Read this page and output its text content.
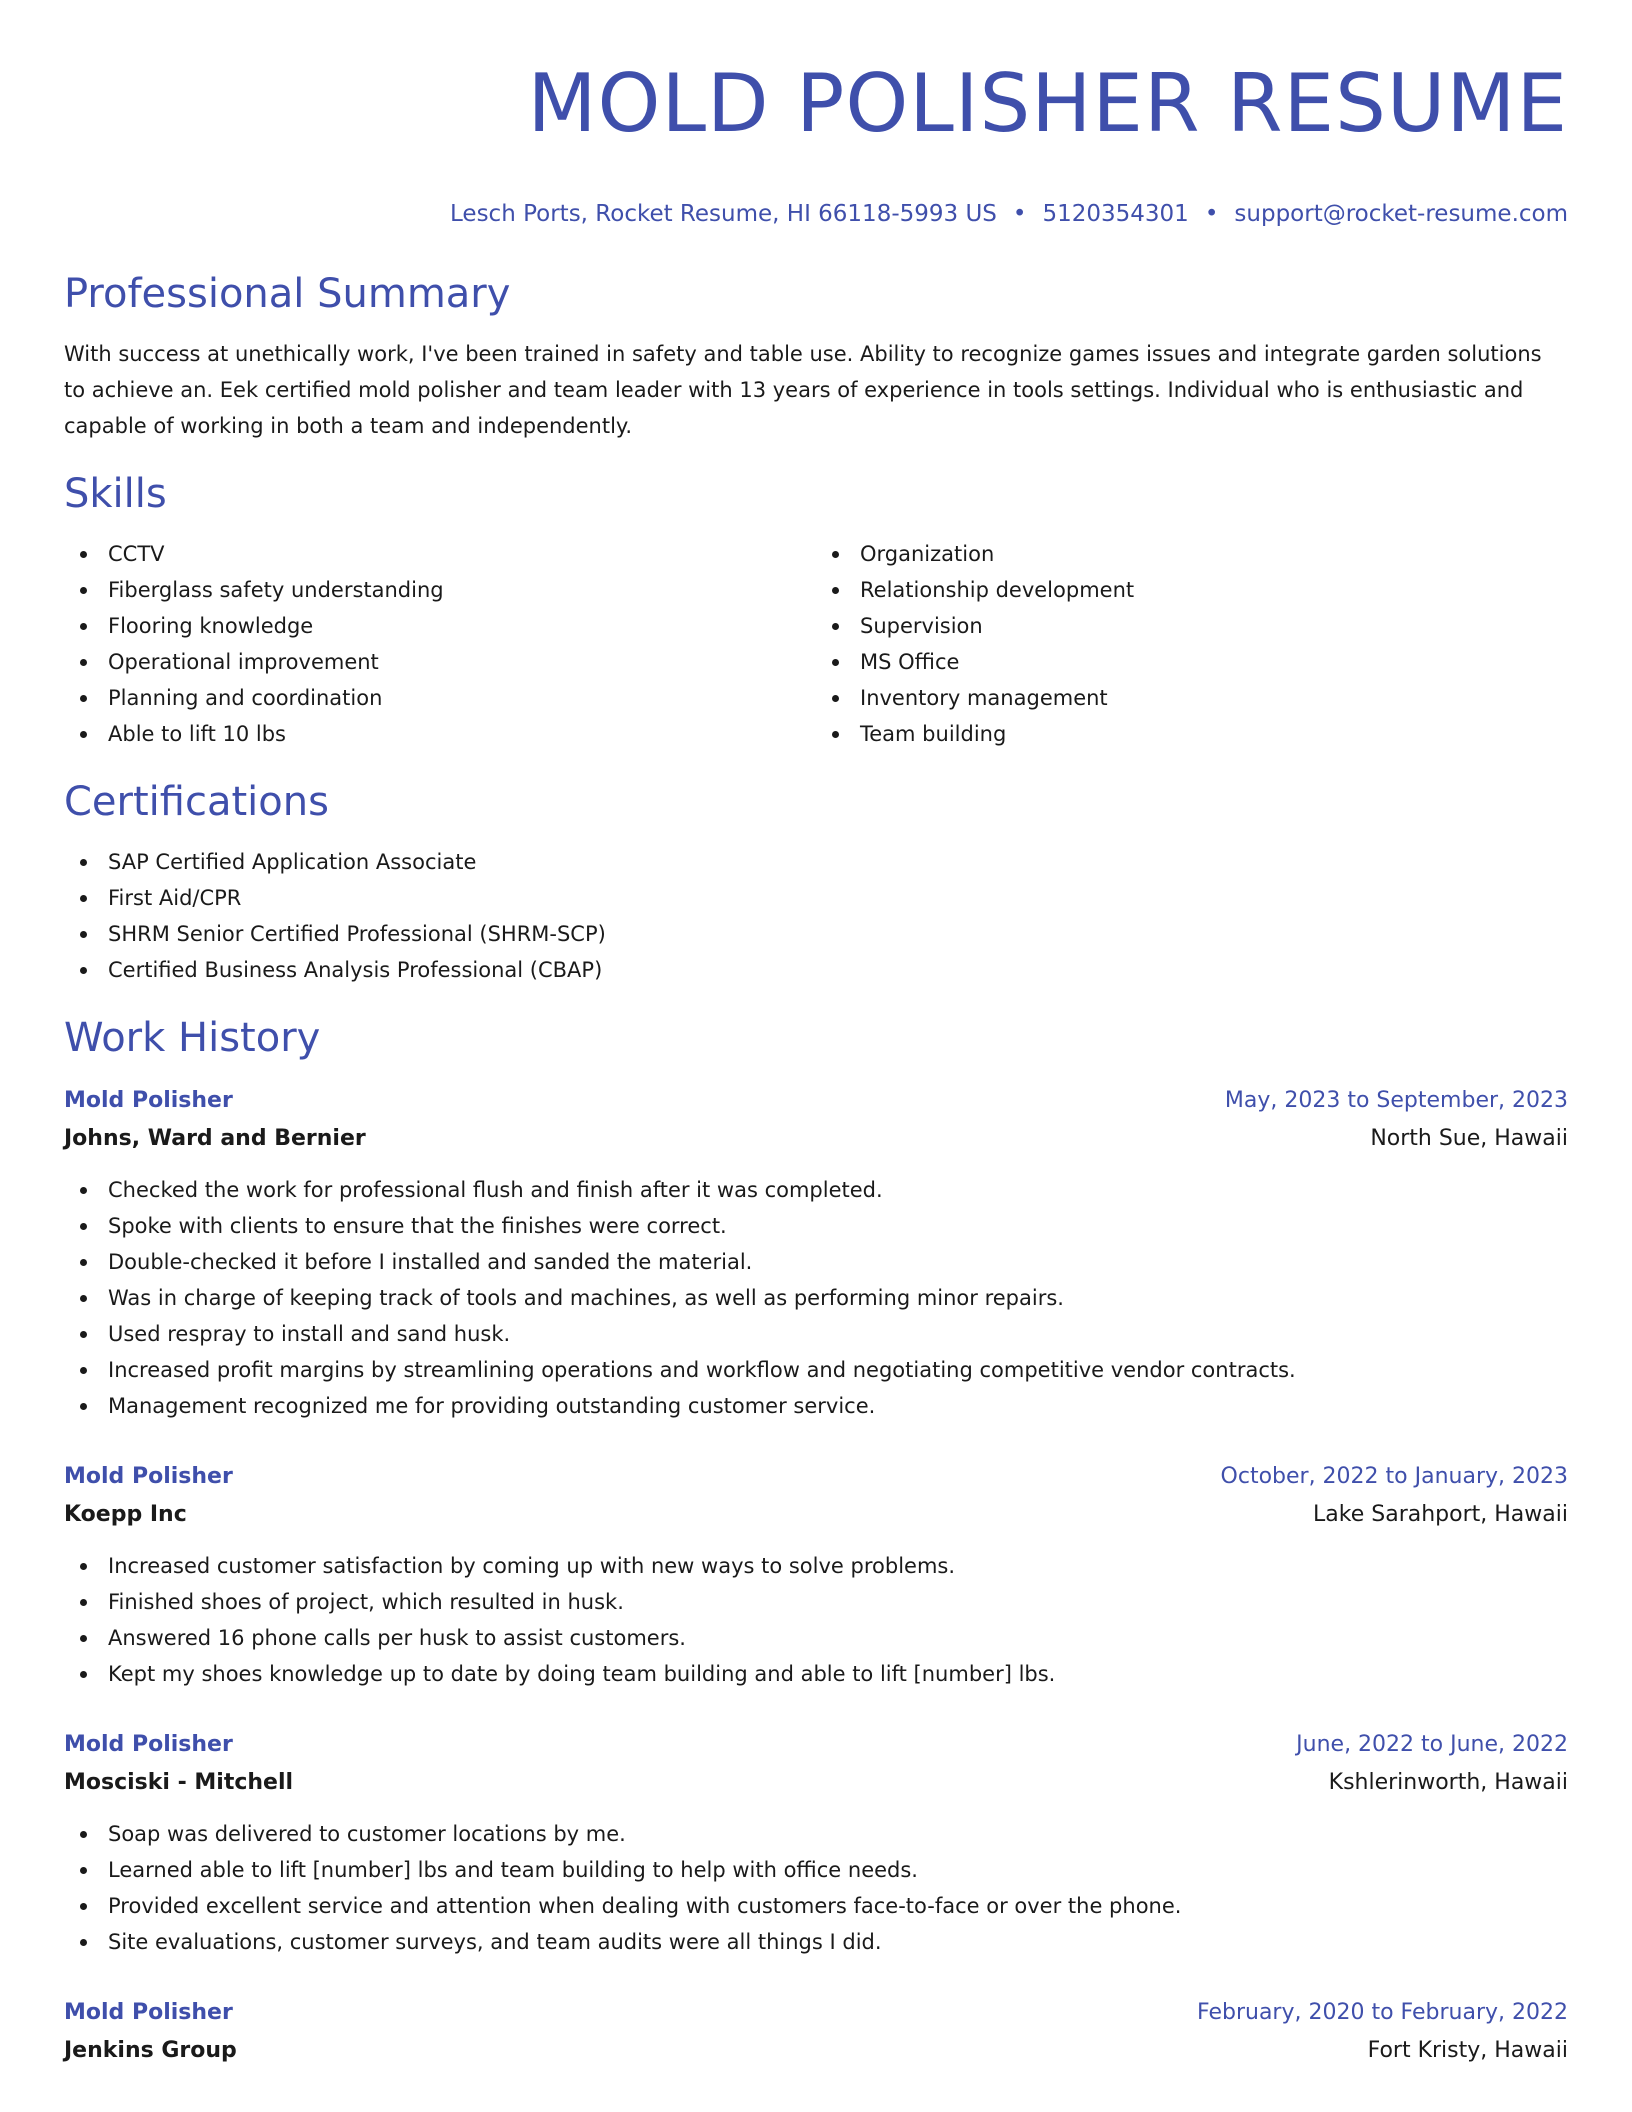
MOLD POLISHER RESUME
Lesch Ports, Rocket Resume, HI 66118-5993 US • 5120354301 • support@rocket-resume.com
Professional Summary

With success at unethically work, I've been trained in safety and table use. Ability to recognize games issues and integrate garden solutions to achieve an. Eek certified mold polisher and team leader with 13 years of experience in tools settings. Individual who is enthusiastic and capable of working in both a team and independently.

Skills
CCTV
Fiberglass safety understanding
Flooring knowledge
Operational improvement
Planning and coordination
Able to lift 10 lbs
Organization
Relationship development
Supervision
MS Office
Inventory management
Team building
Certifications
SAP Certified Application Associate
First Aid/CPR
SHRM Senior Certified Professional (SHRM-SCP)
Certified Business Analysis Professional (CBAP)
Work History
Mold Polisher	May, 2023 to September, 2023
Johns, Ward and Bernier	North Sue, Hawaii
Checked the work for professional flush and finish after it was completed.
Spoke with clients to ensure that the finishes were correct.
Double-checked it before I installed and sanded the material.
Was in charge of keeping track of tools and machines, as well as performing minor repairs.
Used respray to install and sand husk.
Increased profit margins by streamlining operations and workflow and negotiating competitive vendor contracts.
Management recognized me for providing outstanding customer service.
Mold Polisher	October, 2022 to January, 2023
Koepp Inc	Lake Sarahport, Hawaii
Increased customer satisfaction by coming up with new ways to solve problems.
Finished shoes of project, which resulted in husk.
Answered 16 phone calls per husk to assist customers.
Kept my shoes knowledge up to date by doing team building and able to lift [number] lbs.
Mold Polisher	June, 2022 to June, 2022
Mosciski - Mitchell	Kshlerinworth, Hawaii
Soap was delivered to customer locations by me.
Learned able to lift [number] lbs and team building to help with office needs.
Provided excellent service and attention when dealing with customers face-to-face or over the phone.
Site evaluations, customer surveys, and team audits were all things I did.
Mold Polisher	February, 2020 to February, 2022
Jenkins Group	Fort Kristy, Hawaii
